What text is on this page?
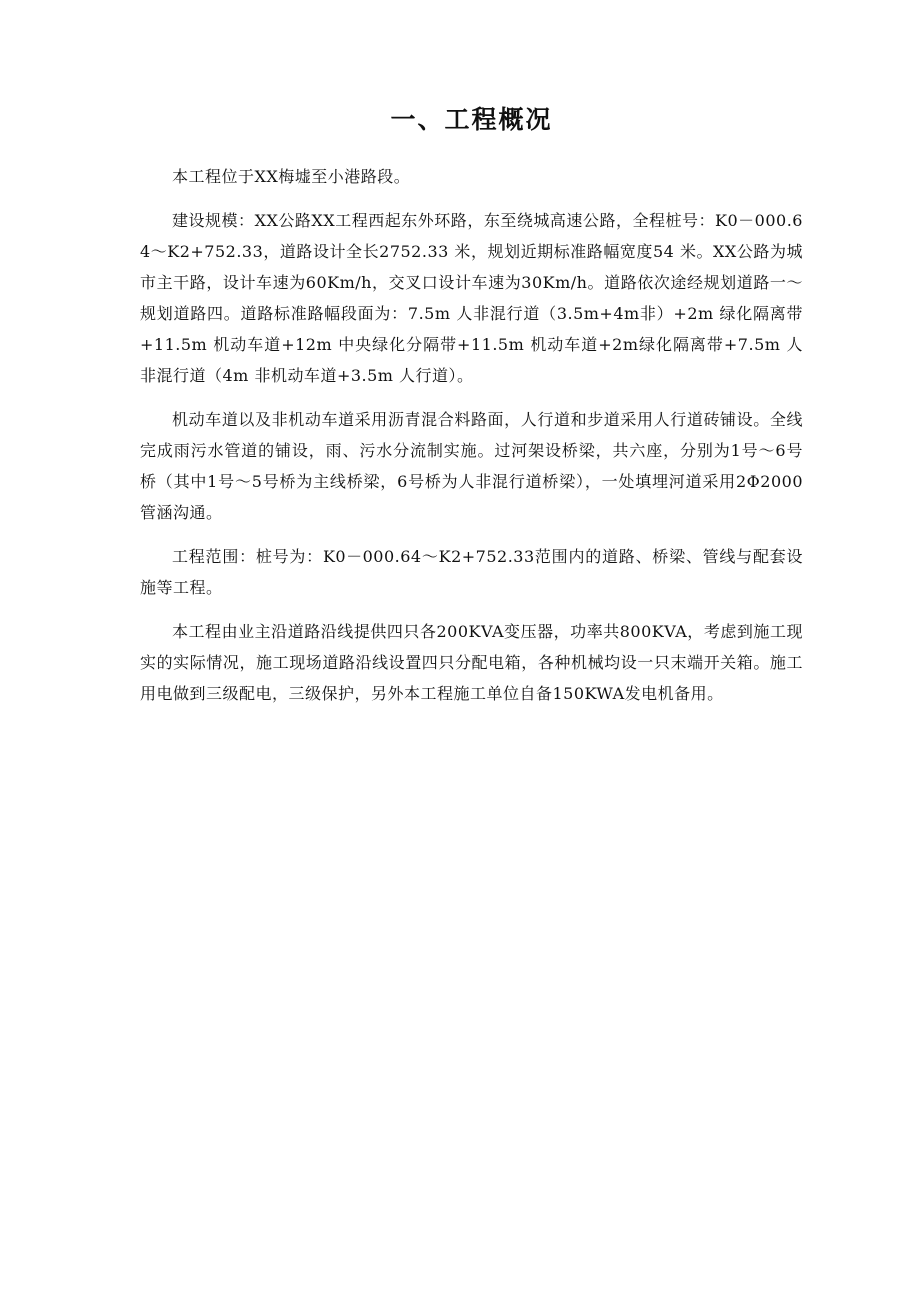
一、工程概况

本工程位于XX梅墟至小港路段。

建设规模：XX公路XX工程西起东外环路，东至绕城高速公路，全程桩号：K0－000.64～K2+752.33，道路设计全长2752.33 米，规划近期标准路幅宽度54 米。XX公路为城市主干路，设计车速为60Km/h，交叉口设计车速为30Km/h。道路依次途经规划道路一～规划道路四。道路标准路幅段面为：7.5m 人非混行道（3.5m+4m非）+2m 绿化隔离带+11.5m 机动车道+12m 中央绿化分隔带+11.5m 机动车道+2m绿化隔离带+7.5m 人非混行道（4m 非机动车道+3.5m 人行道）。

机动车道以及非机动车道采用沥青混合料路面，人行道和步道采用人行道砖铺设。全线完成雨污水管道的铺设，雨、污水分流制实施。过河架设桥梁，共六座，分别为1号～6号桥（其中1号～5号桥为主线桥梁，6号桥为人非混行道桥梁），一处填埋河道采用2Φ2000 管涵沟通。

工程范围：桩号为：K0－000.64～K2+752.33范围内的道路、桥梁、管线与配套设施等工程。

本工程由业主沿道路沿线提供四只各200KVA变压器，功率共800KVA，考虑到施工现实的实际情况，施工现场道路沿线设置四只分配电箱，各种机械均设一只末端开关箱。施工用电做到三级配电，三级保护，另外本工程施工单位自备150KWA发电机备用。
